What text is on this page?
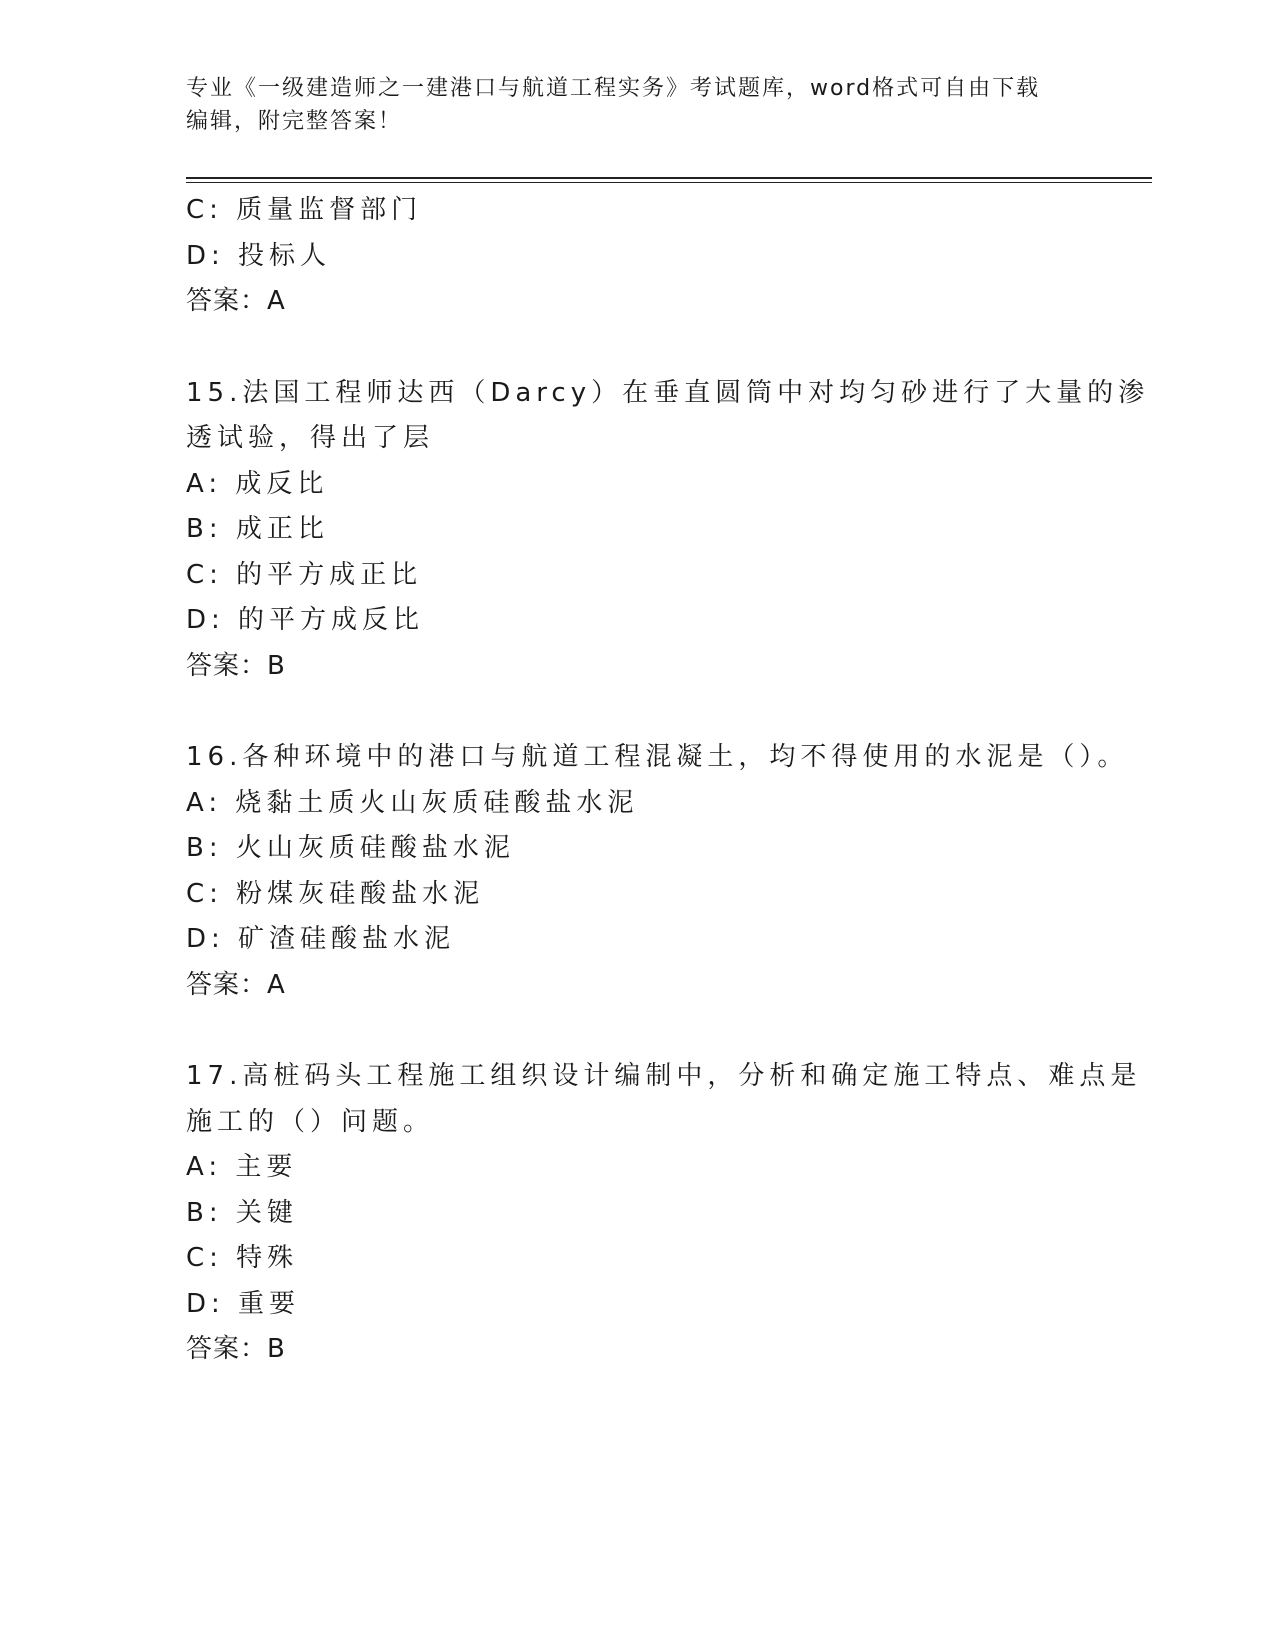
专业《一级建造师之一建港口与航道工程实务》考试题库，word格式可自由下载
编辑，附完整答案！
C: 质量监督部门
D: 投标人
答案：A
15.法国工程师达西（Darcy）在垂直圆筒中对均匀砂进行了大量的渗
透试验，得出了层
A: 成反比
B: 成正比
C: 的平方成正比
D: 的平方成反比
答案：B
16.各种环境中的港口与航道工程混凝土，均不得使用的水泥是（）。
A: 烧黏土质火山灰质硅酸盐水泥
B: 火山灰质硅酸盐水泥
C: 粉煤灰硅酸盐水泥
D: 矿渣硅酸盐水泥
答案：A
17.高桩码头工程施工组织设计编制中，分析和确定施工特点、难点是
施工的（）问题。
A: 主要
B: 关键
C: 特殊
D: 重要
答案：B
